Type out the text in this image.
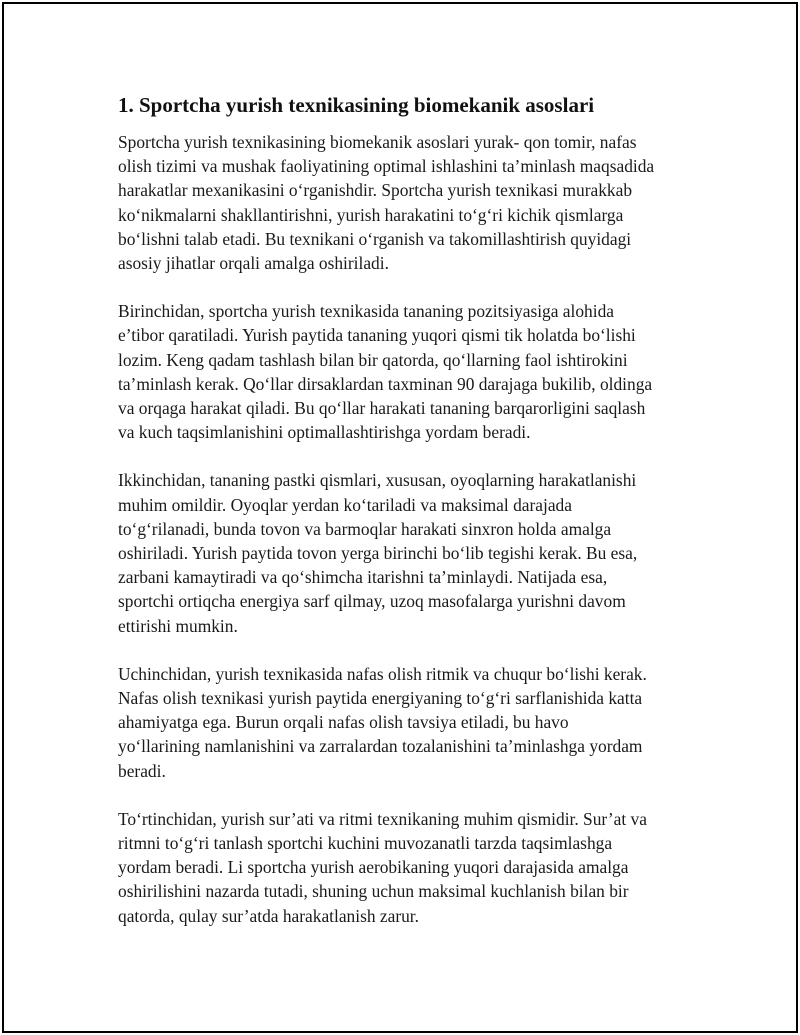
1. Sportcha yurish texnikasining biomekanik asoslari

Sportcha yurish texnikasining biomekanik asoslari yurak- qon tomir, nafas
olish tizimi va mushak faoliyatining optimal ishlashini ta’minlash maqsadida
harakatlar mexanikasini oʻrganishdir. Sportcha yurish texnikasi murakkab
koʻnikmalarni shakllantirishni, yurish harakatini toʻgʻri kichik qismlarga
boʻlishni talab etadi. Bu texnikani oʻrganish va takomillashtirish quyidagi
asosiy jihatlar orqali amalga oshiriladi.

Birinchidan, sportcha yurish texnikasida tananing pozitsiyasiga alohida
e’tibor qaratiladi. Yurish paytida tananing yuqori qismi tik holatda boʻlishi
lozim. Keng qadam tashlash bilan bir qatorda, qoʻllarning faol ishtirokini
ta’minlash kerak. Qoʻllar dirsaklardan taxminan 90 darajaga bukilib, oldinga
va orqaga harakat qiladi. Bu qoʻllar harakati tananing barqarorligini saqlash
va kuch taqsimlanishini optimallashtirishga yordam beradi.

Ikkinchidan, tananing pastki qismlari, xususan, oyoqlarning harakatlanishi
muhim omildir. Oyoqlar yerdan koʻtariladi va maksimal darajada
toʻgʻrilanadi, bunda tovon va barmoqlar harakati sinxron holda amalga
oshiriladi. Yurish paytida tovon yerga birinchi boʻlib tegishi kerak. Bu esa,
zarbani kamaytiradi va qoʻshimcha itarishni ta’minlaydi. Natijada esa,
sportchi ortiqcha energiya sarf qilmay, uzoq masofalarga yurishni davom
ettirishi mumkin.

Uchinchidan, yurish texnikasida nafas olish ritmik va chuqur boʻlishi kerak.
Nafas olish texnikasi yurish paytida energiyaning toʻgʻri sarflanishida katta
ahamiyatga ega. Burun orqali nafas olish tavsiya etiladi, bu havo
yoʻllarining namlanishini va zarralardan tozalanishini ta’minlashga yordam
beradi.

Toʻrtinchidan, yurish sur’ati va ritmi texnikaning muhim qismidir. Sur’at va
ritmni toʻgʻri tanlash sportchi kuchini muvozanatli tarzda taqsimlashga
yordam beradi. Li sportcha yurish aerobikaning yuqori darajasida amalga
oshirilishini nazarda tutadi, shuning uchun maksimal kuchlanish bilan bir
qatorda, qulay sur’atda harakatlanish zarur.
